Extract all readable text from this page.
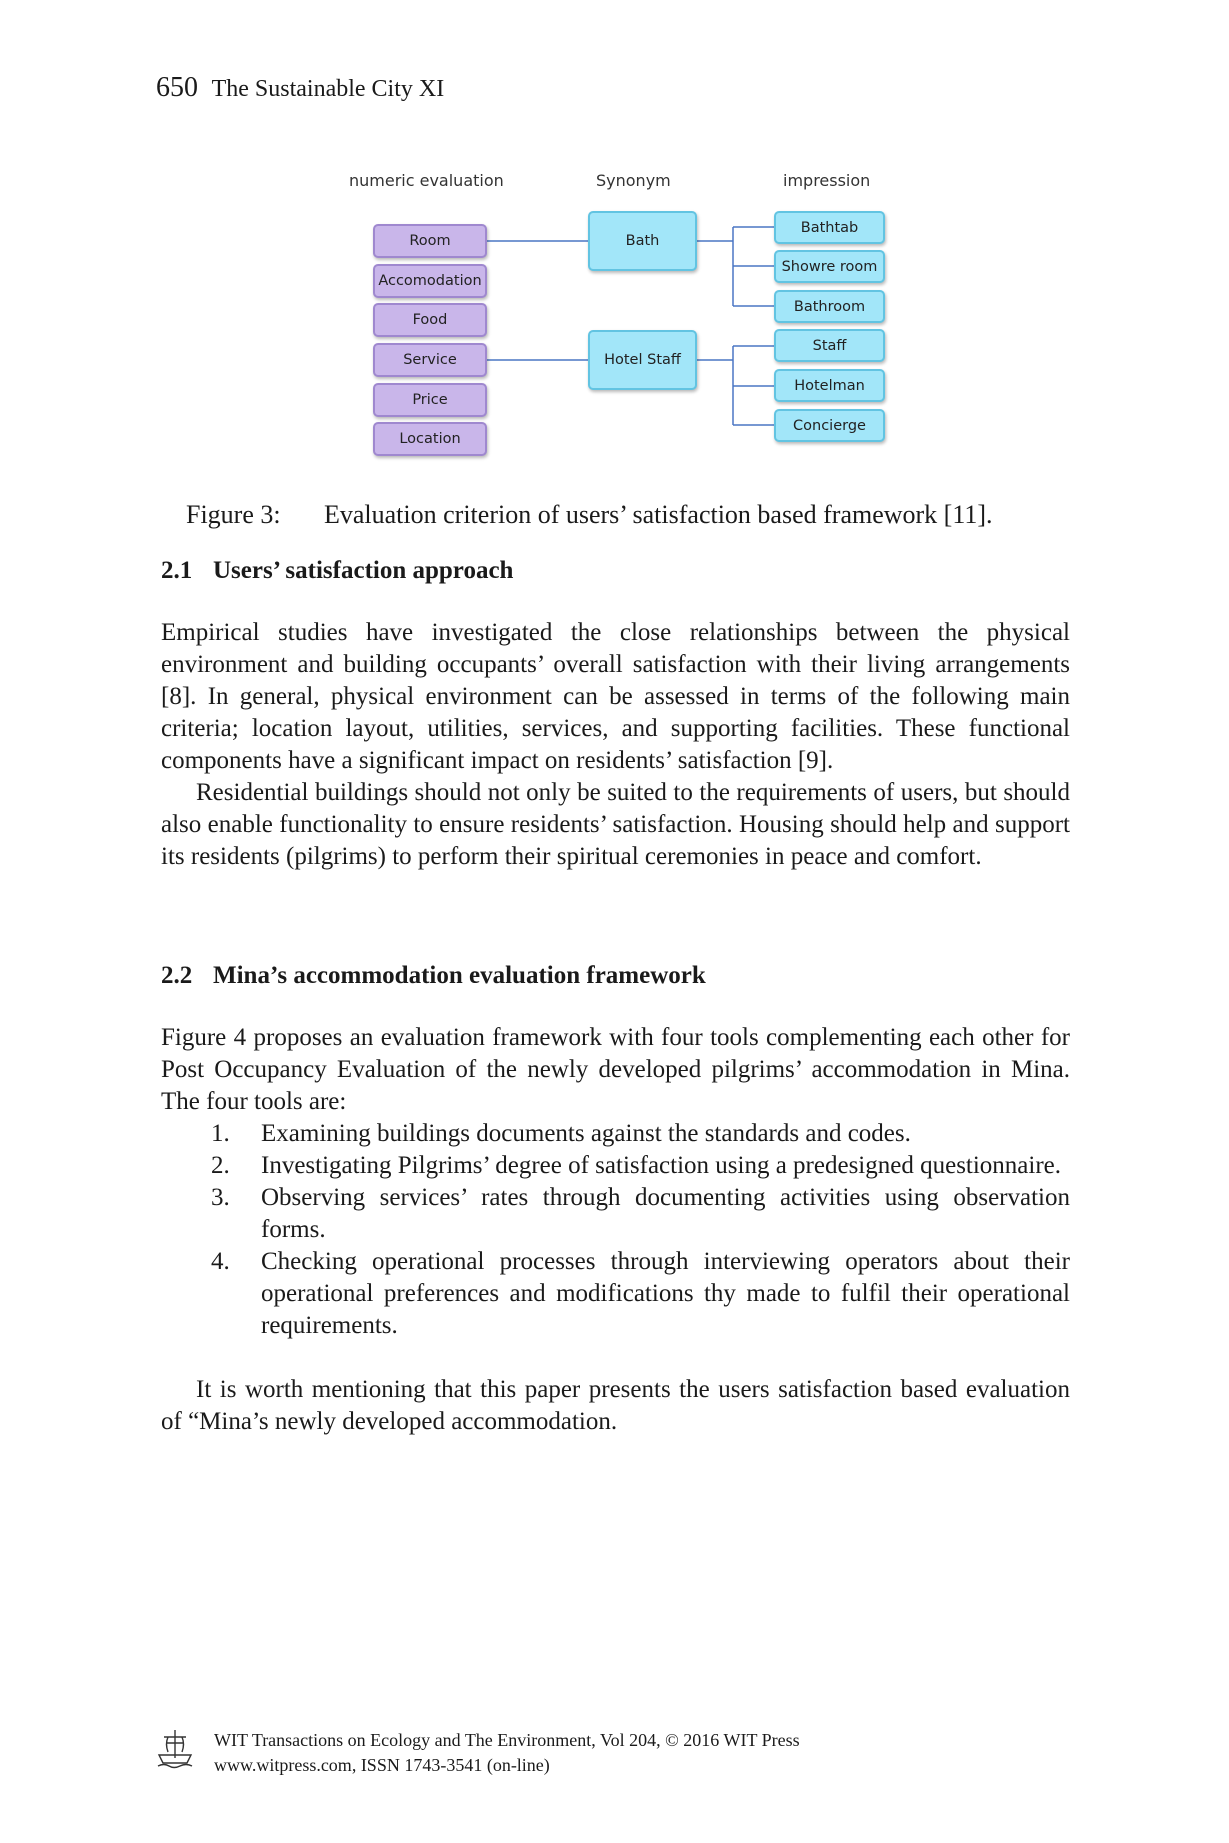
650 The Sustainable City XI
numeric evaluation	Synonym	impression
Room
Accomodation
Food
Service
Price
Location
Bath
Hotel Staff
Bathtab
Showre room
Bathroom
Staff
Hotelman
Concierge
Figure 3: Evaluation criterion of users’ satisfaction based framework [11].
2.1 Users’ satisfaction approach

Empirical studies have investigated the close relationships between the physical environment and building occupants’ overall satisfaction with their living arrangements [8]. In general, physical environment can be assessed in terms of the following main criteria; location layout, utilities, services, and supporting facilities. These functional components have a significant impact on residents’ satisfaction [9].

Residential buildings should not only be suited to the requirements of users, but should also enable functionality to ensure residents’ satisfaction. Housing should help and support its residents (pilgrims) to perform their spiritual ceremonies in peace and comfort.

2.2 Mina’s accommodation evaluation framework

Figure 4 proposes an evaluation framework with four tools complementing each other for Post Occupancy Evaluation of the newly developed pilgrims’ accommodation in Mina. The four tools are:

1. Examining buildings documents against the standards and codes.
2. Investigating Pilgrims’ degree of satisfaction using a predesigned questionnaire.
3. Observing services’ rates through documenting activities using observation forms.
4. Checking operational processes through interviewing operators about their operational preferences and modifications thy made to fulfil their operational requirements.

It is worth mentioning that this paper presents the users satisfaction based evaluation of “Mina’s newly developed accommodation.

WIT Transactions on Ecology and The Environment, Vol 204, © 2016 WIT Press
www.witpress.com, ISSN 1743-3541 (on-line)
